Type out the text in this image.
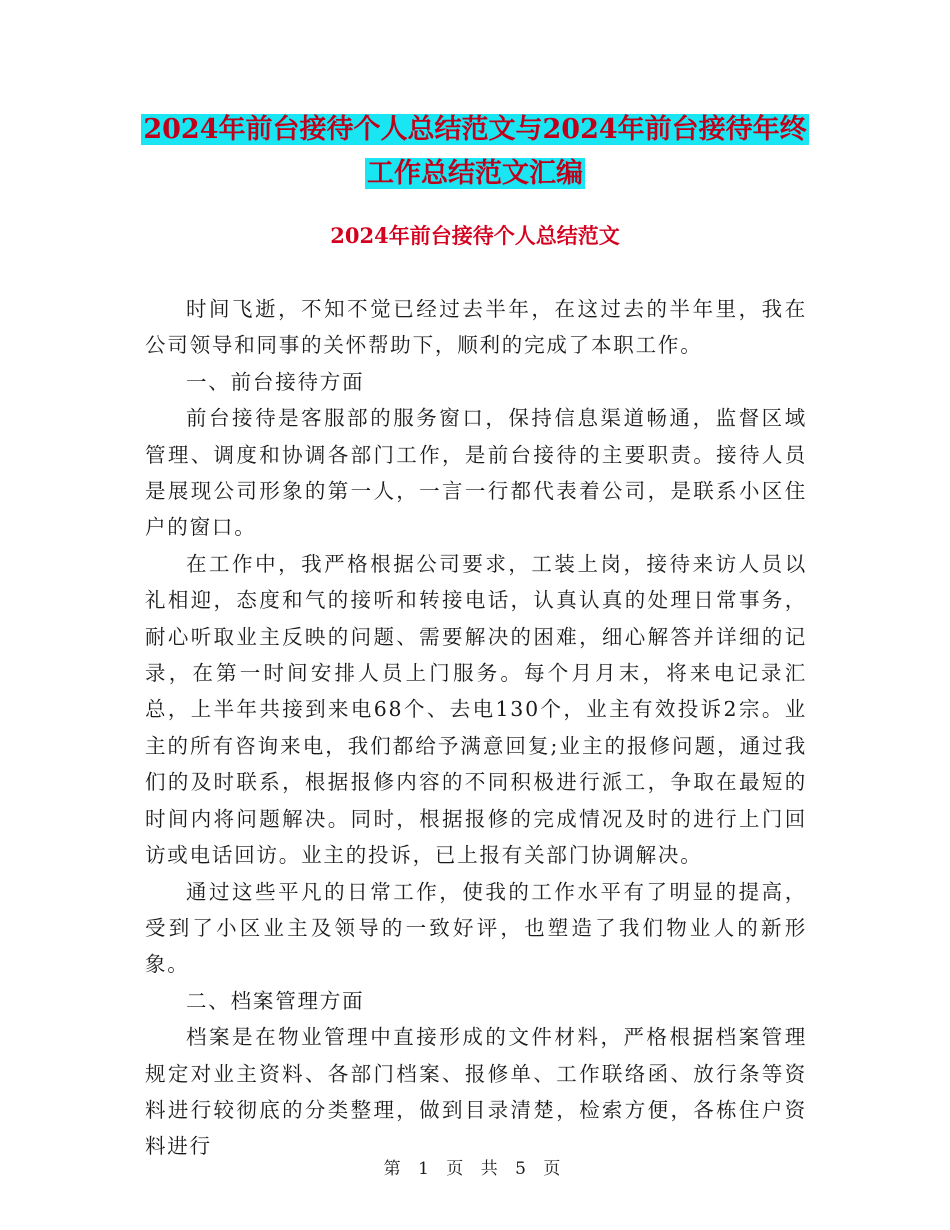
2024年前台接待个人总结范文与2024年前台接待年终
工作总结范文汇编
2024年前台接待个人总结范文

时间飞逝，不知不觉已经过去半年，在这过去的半年里，我在公司领导和同事的关怀帮助下，顺利的完成了本职工作。

一、前台接待方面

前台接待是客服部的服务窗口，保持信息渠道畅通，监督区域管理、调度和协调各部门工作，是前台接待的主要职责。接待人员是展现公司形象的第一人，一言一行都代表着公司，是联系小区住户的窗口。

在工作中，我严格根据公司要求，工装上岗，接待来访人员以礼相迎，态度和气的接听和转接电话，认真认真的处理日常事务，耐心听取业主反映的问题、需要解决的困难，细心解答并详细的记录，在第一时间安排人员上门服务。每个月月末，将来电记录汇总，上半年共接到来电68个、去电130个，业主有效投诉2宗。业主的所有咨询来电，我们都给予满意回复;业主的报修问题，通过我们的及时联系，根据报修内容的不同积极进行派工，争取在最短的时间内将问题解决。同时，根据报修的完成情况及时的进行上门回访或电话回访。业主的投诉，已上报有关部门协调解决。

通过这些平凡的日常工作，使我的工作水平有了明显的提高，受到了小区业主及领导的一致好评，也塑造了我们物业人的新形象。

二、档案管理方面

档案是在物业管理中直接形成的文件材料，严格根据档案管理规定对业主资料、各部门档案、报修单、工作联络函、放行条等资料进行较彻底的分类整理，做到目录清楚，检索方便，各栋住户资料进行

第 1 页 共 5 页
